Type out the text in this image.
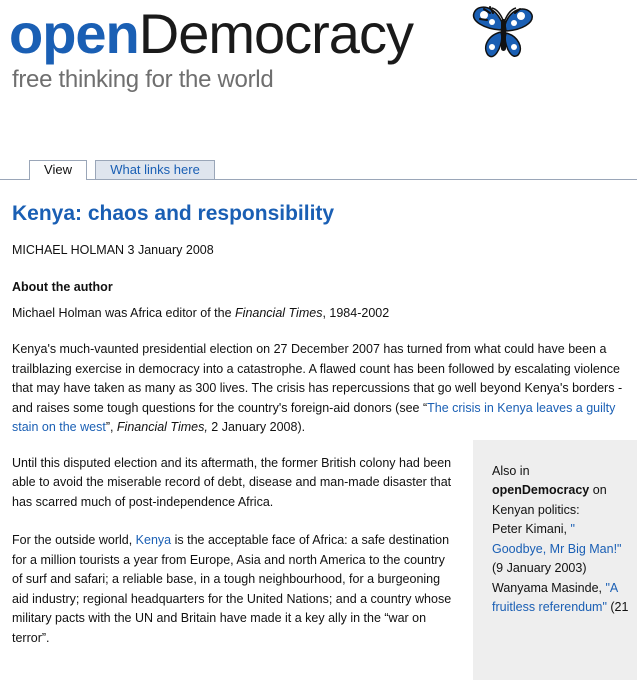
openDemocracy
free thinking for the world
View	What links here
Kenya: chaos and responsibility
MICHAEL HOLMAN 3 January 2008
About the author
Michael Holman was Africa editor of the Financial Times, 1984-2002

Kenya's much-vaunted presidential election on 27 December 2007 has turned from what could have been a trailblazing exercise in democracy into a catastrophe. A flawed count has been followed by escalating violence that may have taken as many as 300 lives. The crisis has repercussions that go well beyond Kenya's borders - and raises some tough questions for the country's foreign-aid donors (see “The crisis in Kenya leaves a guilty stain on the west”, Financial Times, 2 January 2008).

Until this disputed election and its aftermath, the former British colony had been able to avoid the miserable record of debt, disease and man-made disaster that has scarred much of post-independence Africa.

For the outside world, Kenya is the acceptable face of Africa: a safe destination for a million tourists a year from Europe, Asia and north America to the country of surf and safari; a reliable base, in a tough neighbourhood, for a burgeoning aid industry; regional headquarters for the United Nations; and a country whose military pacts with the UN and Britain have made it a key ally in the “war on terror”.

Also in
openDemocracy on
Kenyan politics:
Peter Kimani, " Goodbye, Mr Big Man!" (9 January 2003)
Wanyama Masinde, "A fruitless referendum" (21
